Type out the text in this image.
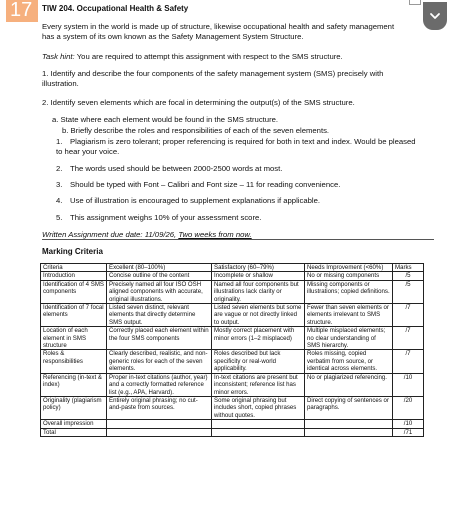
17	TIW 204. Occupational Health & Safety
Every system in the world is made up of structure, likewise occupational health and safety management has a system of its own known as the Safety Management System Structure.
Task hint: You are required to attempt this assignment with respect to the SMS structure.
1. Identify and describe the four components of the safety management system (SMS) precisely with illustration.
2. Identify seven elements which are focal in determining the output(s) of the SMS structure.
a. State where each element would be found in the SMS structure.
b. Briefly describe the roles and responsibilities of each of the seven elements.
1. Plagiarism is zero tolerant; proper referencing is required for both in text and index. Would be pleased to hear your voice.
2. The words used should be between 2000-2500 words at most.
3. Should be typed with Font – Calibri and Font size – 11 for reading convenience.
4. Use of illustration is encouraged to supplement explanations if applicable.
5. This assignment weighs 10% of your assessment score.
Written Assignment due date: 11/09/26, Two weeks from now.
Marking Criteria
Criteria	Excellent (80–100%)	Satisfactory (60–79%)	Needs Improvement (<60%)	Marks
Introduction	Concise outline of the content	Incomplete or shallow	No or missing components	/5
Identification of 4 SMS components	Precisely named all four ISO OSH aligned components with accurate, original illustrations.	Named all four components but illustrations lack clarity or originality.	Missing components or illustrations; copied definitions.	/5
Identification of 7 focal elements	Listed seven distinct, relevant elements that directly determine SMS output.	Listed seven elements but some are vague or not directly linked to output.	Fewer than seven elements or elements irrelevant to SMS structure.	/7
Location of each element in SMS structure	Correctly placed each element within the four SMS components	Mostly correct placement with minor errors (1–2 misplaced)	Multiple misplaced elements; no clear understanding of SMS hierarchy.	/7
Roles & responsibilities	Clearly described, realistic, and non-generic roles for each of the seven elements.	Roles described but lack specificity or real-world applicability.	Roles missing, copied verbatim from source, or identical across elements.	/7
Referencing (in-text & index)	Proper in-text citations (author, year) and a correctly formatted reference list (e.g., APA, Harvard).	In-text citations are present but inconsistent; reference list has minor errors.	No or plagiarized referencing.	/10
Originality (plagiarism policy)	Entirely original phrasing; no cut-and-paste from sources.	Some original phrasing but includes short, copied phrases without quotes.	Direct copying of sentences or paragraphs.	/20
Overall impression				/10
Total				/71
